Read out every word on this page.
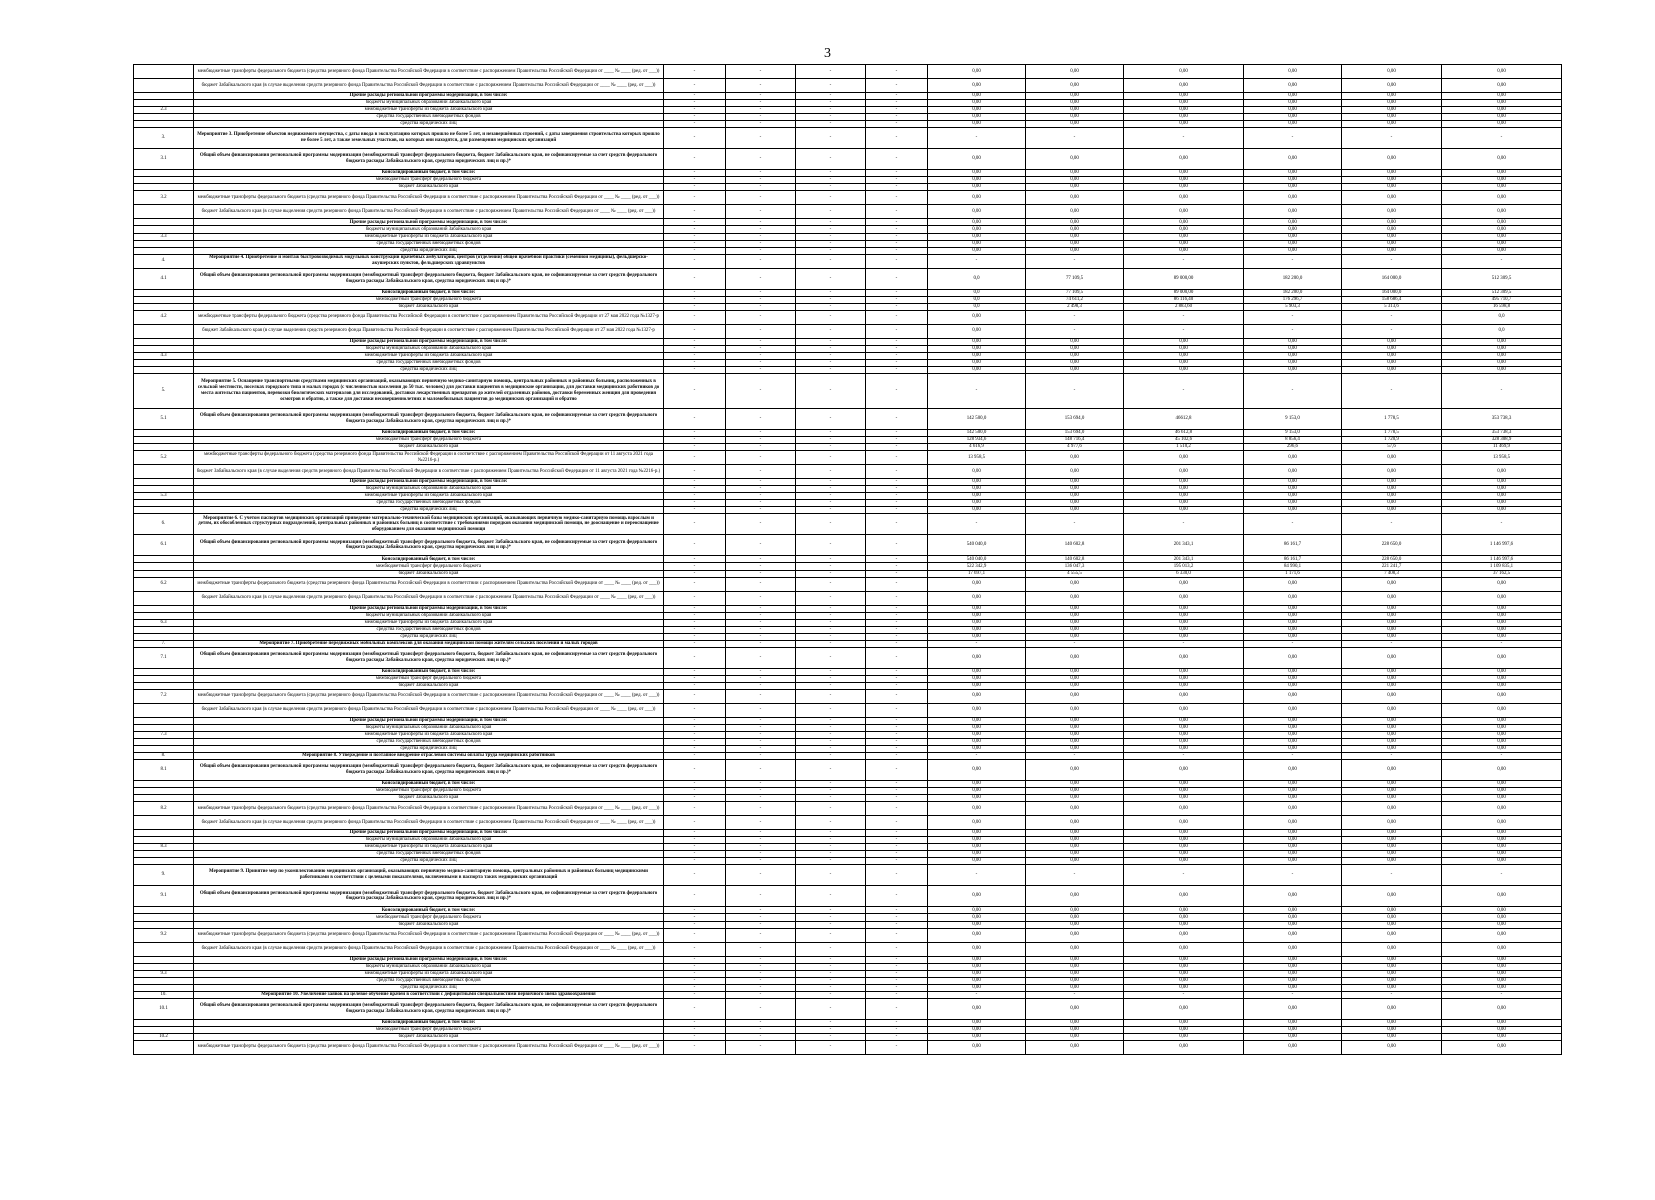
3
	межбюджетные трансферты федерального бюджета (средства резервного фонда Правительства Российской Федерации в соответствие с распоряжением Правительства Российской Федерации от ____ № ____ (ред. от ___))	-	-	-	-	0,00	0,00	0,00	0,00	0,00	0,00
	бюджет Забайкальского края (в случае выделения средств резервного фонда Правительства Российской Федерации в соответствие с распоряжением Правительства Российской Федерации от ____ № ____ (ред. от ___))	-	-	-	-	0,00	0,00	0,00	0,00	0,00	0,00
	Прочие расходы региональной программы модернизации, в том числе:	-	-	-	-	0,00	0,00	0,00	0,00	0,00	0,00
	бюджеты муниципальных образований Забайкальского края	-	-	-	-	0,00	0,00	0,00	0,00	0,00	0,00
2.3	межбюджетные трансферты из бюджета Забайкальского края	-	-	-	-	0,00	0,00	0,00	0,00	0,00	0,00
	средства государственных внебюджетных фондов	-	-	-	-	0,00	0,00	0,00	0,00	0,00	0,00
	средства юридических лиц	-	-	-	-	0,00	0,00	0,00	0,00	0,00	0,00
3.	Мероприятие 3. Приобретение объектов недвижимого имущества, с даты ввода в эксплуатацию которых прошло не более 5 лет, и незавершённых строений, с даты завершения строительства которых прошло не более 5 лет, а также земельных участков, на которых они находятся, для размещения медицинских организаций	-	-	-	-	-	-	-	-	-	-
3.1	Общий объем финансирования региональной программы модернизации (межбюджетный трансферт федерального бюджета, бюджет Забайкальского края, не софинансируемые за счет средств федерального бюджета расходы Забайкальского края, средства юридических лиц и пр.)*	-	-	-	-	0,00	0,00	0,00	0,00	0,00	0,00
	Консолидированный бюджет, в том числе:	-	-	-	-	0,00	0,00	0,00	0,00	0,00	0,00
	межбюджетный трансферт федерального бюджета	-	-	-	-	0,00	0,00	0,00	0,00	0,00	0,00
	бюджет Забайкальского края	-	-	-	-	0,00	0,00	0,00	0,00	0,00	0,00
3.2	межбюджетные трансферты федерального бюджета (средства резервного фонда Правительства Российской Федерации в соответствие с распоряжением Правительства Российской Федерации от ____ № ____ (ред. от ___))	-	-	-	-	0,00	0,00	0,00	0,00	0,00	0,00
	бюджет Забайкальского края (в случае выделения средств резервного фонда Правительства Российской Федерации в соответствие с распоряжением Правительства Российской Федерации от ____ № ____ (ред. от ___))	-	-	-	-	0,00	0,00	0,00	0,00	0,00	0,00
	Прочие расходы региональной программы модернизации, в том числе:	-	-	-	-	0,00	0,00	0,00	0,00	0,00	0,00
	бюджеты муниципальных образований Забайкальского края	-	-	-	-	0,00	0,00	0,00	0,00	0,00	0,00
3.3	межбюджетные трансферты из бюджета Забайкальского края	-	-	-	-	0,00	0,00	0,00	0,00	0,00	0,00
	средства государственных внебюджетных фондов	-	-	-	-	0,00	0,00	0,00	0,00	0,00	0,00
	средства юридических лиц	-	-	-	-	0,00	0,00	0,00	0,00	0,00	0,00
4.	Мероприятие 4. Приобретение и монтаж быстровозводимых модульных конструкций врачебных амбулаторий, центров (отделений) общей врачебной практики (семейной медицины), фельдшерско-акушерских пунктов, фельдшерских здравпунктов	-	-	-	-	-	-	-	-	-	-
4.1	Общий объем финансирования региональной программы модернизации (межбюджетный трансферт федерального бюджета, бюджет Забайкальского края, не софинансируемые за счет средств федерального бюджета расходы Забайкальского края, средства юридических лиц и пр.)*	-	-	-	-	0,0	77 109,5	89 000,00	182 200,0	164 000,0	512 309,5
	Консолидированный бюджет, в том числе:	-	-	-	-	0,0	77 109,5	89 000,00	182 200,0	164 000,0	512 309,5
	межбюджетный трансферт федерального бюджета	-	-	-	-	0,0	74 611,2	86 116,40	176 296,7	158 686,4	495 710,7
	бюджет Забайкальского края	-	-	-	-	0,0	2 498,3	2 883,60	5 903,3	5 313,6	16 598,8
4.2	межбюджетные трансферты федерального бюджета (средства резервного фонда Правительства Российской Федерации в соответствие с распоряжением Правительства Российской Федерации от 27 мая 2022 года №1327-р	-	-	-	-	0,00	-	-	-	-	0,0
	бюджет Забайкальского края (в случае выделения средств резервного фонда Правительства Российской Федерации в соответствие с распоряжением Правительства Российской Федерации от 27 мая 2022 года №1327-р	-	-	-	-	0,00	-	-	-	-	0,0
	Прочие расходы региональной программы модернизации, в том числе:	-	-	-	-	0,00	0,00	0,00	0,00	0,00	0,00
	бюджеты муниципальных образований Забайкальского края	-	-	-	-	0,00	0,00	0,00	0,00	0,00	0,00
4.3	межбюджетные трансферты из бюджета Забайкальского края	-	-	-	-	0,00	0,00	0,00	0,00	0,00	0,00
	средства государственных внебюджетных фондов	-	-	-	-	0,00	0,00	0,00	0,00	0,00	0,00
	средства юридических лиц	-	-	-	-	0,00	0,00	0,00	0,00	0,00	0,00
5.	Мероприятие 5. Оснащение транспортными средствами медицинских организаций, оказывающих первичную медико-санитарную помощь, центральных районных и районных больниц, расположенных в сельской местности, поселках городского типа и малых городах (с численностью населения до 50 тыс. человек) для доставки пациентов в медицинские организации, для доставки медицинских работников до места жительства пациентов, перевозки биологических материалов для исследований, доставки лекарственных препаратов до жителей отдаленных районов, доставки беременных женщин для проведения осмотров и обратно, а также для доставки несовершеннолетних и маломобильных пациентов до медицинских организаций и обратно	-	-	-	-	-	-	-	-	-	-
5.1	Общий объем финансирования региональной программы модернизации (межбюджетный трансферт федерального бюджета, бюджет Забайкальского края, не софинансируемые за счет средств федерального бюджета расходы Забайкальского края, средства юридических лиц и пр.)*	-	-	-	-	142 500,0	153 694,0	46612,8	9 153,0	1 778,5	353 738,3
	Консолидированный бюджет, в том числе:	-	-	-	-	142 500,0	153 694,0	46 612,8	9 153,0	1 778,5	353 738,3
	межбюджетный трансферт федерального бюджета	-	-	-	-	128 934,6	148 716,4	45 102,6	8 856,4	1 720,9	328 308,9
	бюджет Забайкальского края	-	-	-	-	4 616,9	4 977,6	1 510,2	296,6	57,6	11 469,9
5.2	межбюджетные трансферты федерального бюджета (средства резервного фонда Правительства Российской Федерации в соответствие с распоряжением Правительства Российской Федерации от 11 августа 2021 года №2216-р.)	-	-	-	-	13 958,5	0,00	0,00	0,00	0,00	13 958,5
	бюджет Забайкальского края (в случае выделения средств резервного фонда Правительства Российской Федерации в соответствие с распоряжением Правительства Российской Федерации от 11 августа 2021 года №2216-р.)	-	-	-	-	0,00	0,00	0,00	0,00	0,00	0,00
	Прочие расходы региональной программы модернизации, в том числе:	-	-	-	-	0,00	0,00	0,00	0,00	0,00	0,00
	бюджеты муниципальных образований Забайкальского края	-	-	-	-	0,00	0,00	0,00	0,00	0,00	0,00
5.3	межбюджетные трансферты из бюджета Забайкальского края	-	-	-	-	0,00	0,00	0,00	0,00	0,00	0,00
	средства государственных внебюджетных фондов	-	-	-	-	0,00	0,00	0,00	0,00	0,00	0,00
	средства юридических лиц	-	-	-	-	0,00	0,00	0,00	0,00	0,00	0,00
6.	Мероприятие 6. С учетом паспортов медицинских организаций приведение материально-технической базы медицинских организаций, оказывающих первичную медико-санитарную помощь взрослым и детям, их обособленных структурных подразделений, центральных районных и районных больниц в соответствие с требованиями порядков оказания медицинской помощи, не дооснащение и переоснащение оборудованием для оказания медицинской помощи	-	-	-	-	-	-	-	-	-	-
6.1	Общий объем финансирования региональной программы модернизации (межбюджетный трансферт федерального бюджета, бюджет Забайкальского края, не софинансируемые за счет средств федерального бюджета расходы Забайкальского края, средства юридических лиц и пр.)*	-	-	-	-	540 040,0	140 602,8	201 343,1	86 161,7	228 650,0	1 146 997,6
	Консолидированный бюджет, в том числе:	-	-	-	-	540 040,0	140 602,8	201 343,1	86 161,7	228 650,0	1 146 997,6
	межбюджетный трансферт федерального бюджета	-	-	-	-	522 342,9	136 047,3	195 013,2	84 990,1	221 241,7	1 109 835,1
	бюджет Забайкальского края	-	-	-	-	17 697,1	4 555,5	6 330,0	1 171,6	7 408,3	37 162,5
6.2	межбюджетные трансферты федерального бюджета (средства резервного фонда Правительства Российской Федерации в соответствии с распоряжением Правительства Российской Федерации от ____ № ____ (ред. от ___))	-	-	-	-	0,00	0,00	0,00	0,00	0,00	0,00
	бюджет Забайкальского края (в случае выделения средств резервного фонда Правительства Российской Федерации в соответствие с распоряжением Правительства Российской Федерации от ____ № ____ (ред. от ___))	-	-	-	-	0,00	0,00	0,00	0,00	0,00	0,00
	Прочие расходы региональной программы модернизации, в том числе:	-	-	-	-	0,00	0,00	0,00	0,00	0,00	0,00
	бюджеты муниципальных образований Забайкальского края	-	-	-	-	0,00	0,00	0,00	0,00	0,00	0,00
6.3	межбюджетные трансферты из бюджета Забайкальского края	-	-	-	-	0,00	0,00	0,00	0,00	0,00	0,00
	средства государственных внебюджетных фондов	-	-	-	-	0,00	0,00	0,00	0,00	0,00	0,00
	средства юридических лиц	-	-	-	-	0,00	0,00	0,00	0,00	0,00	0,00
7.	Мероприятие 7. Приобретение передвижных мобильных комплексов для оказания медицинской помощи жителям сельских поселений и малых городов	-	-	-	-	-	-	-	-	-	-
7.1	Общий объем финансирования региональной программы модернизации (межбюджетный трансферт федерального бюджета, бюджет Забайкальского края, не софинансируемые за счет средств федерального бюджета расходы Забайкальского края, средства юридических лиц и пр.)*	-	-	-	-	0,00	0,00	0,00	0,00	0,00	0,00
	Консолидированный бюджет, в том числе:	-	-	-	-	0,00	0,00	0,00	0,00	0,00	0,00
	межбюджетный трансферт федерального бюджета	-	-	-	-	0,00	0,00	0,00	0,00	0,00	0,00
	бюджет Забайкальского края	-	-	-	-	0,00	0,00	0,00	0,00	0,00	0,00
7.2	межбюджетные трансферты федерального бюджета (средства резервного фонда Правительства Российской Федерации в соответствие с распоряжением Правительства Российской Федерации от ____ № ____ (ред. от ___))	-	-	-	-	0,00	0,00	0,00	0,00	0,00	0,00
	бюджет Забайкальского края (в случае выделения средств резервного фонда Правительства Российской Федерации в соответствие с распоряжением Правительства Российской Федерации от ____ № ____ (ред. от ___))	-	-	-	-	0,00	0,00	0,00	0,00	0,00	0,00
	Прочие расходы региональной программы модернизации, в том числе:	-	-	-	-	0,00	0,00	0,00	0,00	0,00	0,00
	бюджеты муниципальных образований Забайкальского края	-	-	-	-	0,00	0,00	0,00	0,00	0,00	0,00
7.3	межбюджетные трансферты из бюджета Забайкальского края	-	-	-	-	0,00	0,00	0,00	0,00	0,00	0,00
	средства государственных внебюджетных фондов	-	-	-	-	0,00	0,00	0,00	0,00	0,00	0,00
	средства юридических лиц	-	-	-	-	0,00	0,00	0,00	0,00	0,00	0,00
8.	Мероприятие 8. Утверждение и поэтапное внедрение отраслевой системы оплаты труда медицинских работников	-	-	-	-	-	-	-	-	-	-
8.1	Общий объем финансирования региональной программы модернизации (межбюджетный трансферт федерального бюджета, бюджет Забайкальского края, не софинансируемые за счет средств федерального бюджета расходы Забайкальского края, средства юридических лиц и пр.)*	-	-	-	-	0,00	0,00	0,00	0,00	0,00	0,00
	Консолидированный бюджет, в том числе:	-	-	-	-	0,00	0,00	0,00	0,00	0,00	0,00
	межбюджетный трансферт федерального бюджета	-	-	-	-	0,00	0,00	0,00	0,00	0,00	0,00
	бюджет Забайкальского края	-	-	-	-	0,00	0,00	0,00	0,00	0,00	0,00
8.2	межбюджетные трансферты федерального бюджета (средства резервного фонда Правительства Российской Федерации в соответствие с распоряжением Правительства Российской Федерации от ____ № ____ (ред. от ___))	-	-	-	-	0,00	0,00	0,00	0,00	0,00	0,00
	бюджет Забайкальского края (в случае выделения средств резервного фонда Правительства Российской Федерации в соответствие с распоряжением Правительства Российской Федерации от ____ № ____ (ред. от ___))	-	-	-	-	0,00	0,00	0,00	0,00	0,00	0,00
	Прочие расходы региональной программы модернизации, в том числе:	-	-	-	-	0,00	0,00	0,00	0,00	0,00	0,00
	бюджеты муниципальных образований Забайкальского края	-	-	-	-	0,00	0,00	0,00	0,00	0,00	0,00
8.3	межбюджетные трансферты из бюджета Забайкальского края	-	-	-	-	0,00	0,00	0,00	0,00	0,00	0,00
	средства государственных внебюджетных фондов	-	-	-	-	0,00	0,00	0,00	0,00	0,00	0,00
	средства юридических лиц	-	-	-	-	0,00	0,00	0,00	0,00	0,00	0,00
9.	Мероприятие 9. Принятие мер по укомплектованию медицинских организаций, оказывающих первичную медико-санитарную помощь, центральных районных и районных больниц медицинскими работниками в соответствии с целевыми показателями, включенными в паспорта таких медицинских организаций	-	-	-	-	-	-	-	-	-	-
9.1	Общий объем финансирования региональной программы модернизации (межбюджетный трансферт федерального бюджета, бюджет Забайкальского края, не софинансируемые за счет средств федерального бюджета расходы Забайкальского края, средства юридических лиц и пр.)*	-	-	-	-	0,00	0,00	0,00	0,00	0,00	0,00
	Консолидированный бюджет, в том числе:	-	-	-	-	0,00	0,00	0,00	0,00	0,00	0,00
	межбюджетный трансферт федерального бюджета	-	-	-	-	0,00	0,00	0,00	0,00	0,00	0,00
	бюджет Забайкальского края	-	-	-	-	0,00	0,00	0,00	0,00	0,00	0,00
9.2	межбюджетные трансферты федерального бюджета (средства резервного фонда Правительства Российской Федерации в соответствие с распоряжением Правительства Российской Федерации от ____ № ____ (ред. от ___))	-	-	-	-	0,00	0,00	0,00	0,00	0,00	0,00
	бюджет Забайкальского края (в случае выделения средств резервного фонда Правительства Российской Федерации в соответствие с распоряжением Правительства Российской Федерации от ____ № ____ (ред. от ___))	-	-	-	-	0,00	0,00	0,00	0,00	0,00	0,00
	Прочие расходы региональной программы модернизации, в том числе:	-	-	-	-	0,00	0,00	0,00	0,00	0,00	0,00
	бюджеты муниципальных образований Забайкальского края	-	-	-	-	0,00	0,00	0,00	0,00	0,00	0,00
9.3	межбюджетные трансферты из бюджета Забайкальского края	-	-	-	-	0,00	0,00	0,00	0,00	0,00	0,00
	средства государственных внебюджетных фондов	-	-	-	-	0,00	0,00	0,00	0,00	0,00	0,00
	средства юридических лиц	-	-	-	-	0,00	0,00	0,00	0,00	0,00	0,00
10.	Мероприятие 10. Увеличение заявок на целевое обучение врачей в соответствии с дефицитными специальностями первичного звена здравоохранения	-	-	-	-	-	-	-	-	-	-
10.1	Общий объем финансирования региональной программы модернизации (межбюджетный трансферт федерального бюджета, бюджет Забайкальского края, не софинансируемые за счет средств федерального бюджета расходы Забайкальского края, средства юридических лиц и пр.)*	-	-	-	-	0,00	0,00	0,00	0,00	0,00	0,00
	Консолидированный бюджет, в том числе:	-	-	-	-	0,00	0,00	0,00	0,00	0,00	0,00
	межбюджетный трансферт федерального бюджета	-	-	-	-	0,00	0,00	0,00	0,00	0,00	0,00
10.2	бюджет Забайкальского края	-	-	-	-	0,00	0,00	0,00	0,00	0,00	0,00
	межбюджетные трансферты федерального бюджета (средства резервного фонда Правительства Российской Федерации в соответствие с распоряжением Правительства Российской Федерации от ____ № ____ (ред. от ___))	-	-	-	-	0,00	0,00	0,00	0,00	0,00	0,00
